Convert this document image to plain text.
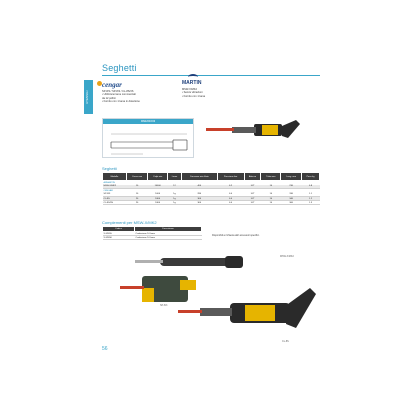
UTENSILI
Seghetti
cengar
SP-8/3 / SP-8/3 / CL-8S/3S
• Utilizzano lame commerciali
da 12 pollici
• Fornito con 1 lama in dotazione
MARTIN
MSW-X/MK2
• Senza vibrazioni
• Fornito con 1 lama
DIMENSIONI
Seghetti
Modello	Corsa mm	Colpi min	Lame	Consumo aria l/min	Pressione bar	Attacco	Tubo mm	Lung. mm	Peso kg
ARMARTIN									
MSW-X/MK2	10	10000	12	400	6.2	1/4"	10	230	0.8
CENGAR									
SP-8/3	10	1600	1g	280	6.0	1/4"	10	330	1.1
CL-8S	20	1800	1g	300	6.0	1/4"	10	340	1.2
CL-8S/3S	20	1800	1g	300	6.0	1/4"	10	360	1.3
Complementi per MSW-X/MK2
Codice	Descrizione
X-52655	Confezione 10 lame
X-52656	Confezione 10 lame
Disponibili a richiesta altri accessori specifici.
MSW-X/MK2
SP-8/3
CL-8S
56
